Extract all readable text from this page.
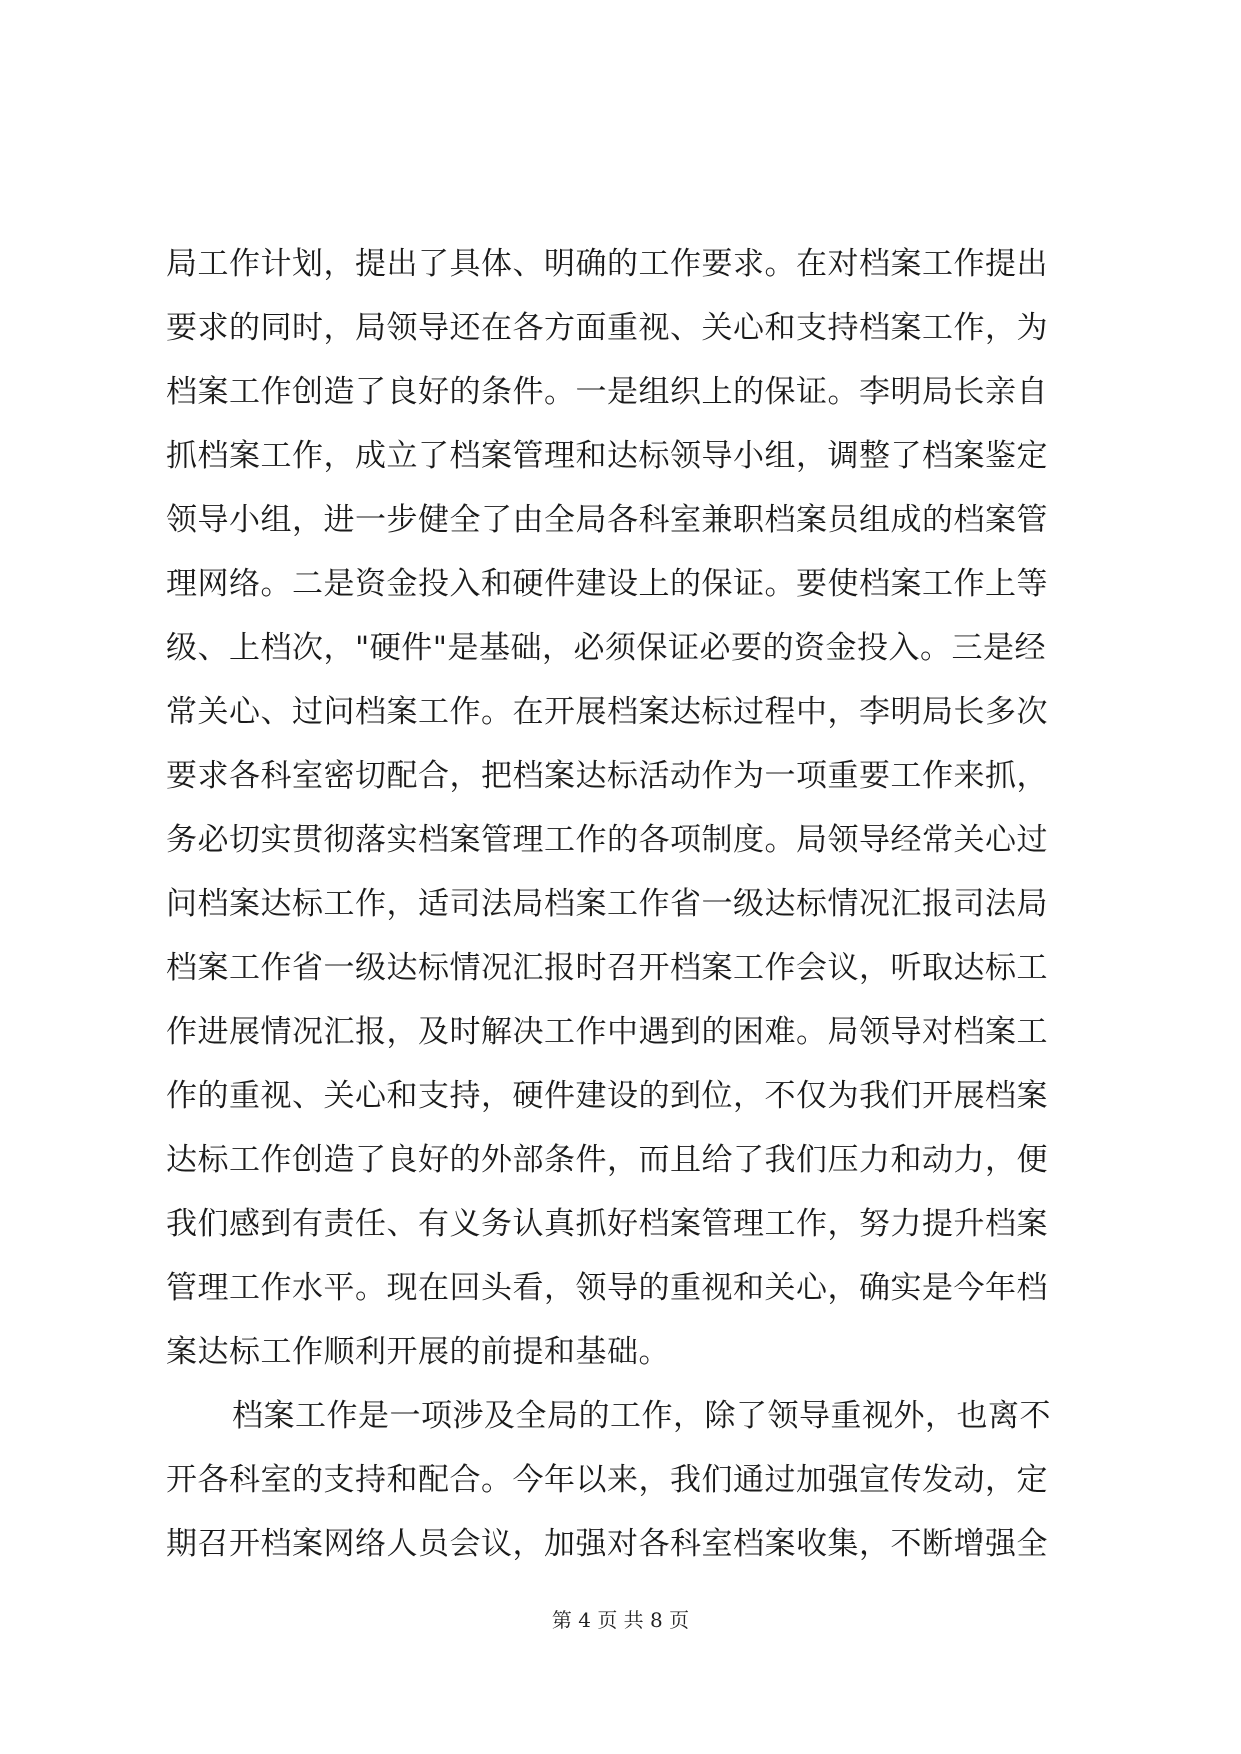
局工作计划，提出了具体、明确的工作要求。在对档案工作提出
要求的同时，局领导还在各方面重视、关心和支持档案工作，为
档案工作创造了良好的条件。一是组织上的保证。李明局长亲自
抓档案工作，成立了档案管理和达标领导小组，调整了档案鉴定
领导小组，进一步健全了由全局各科室兼职档案员组成的档案管
理网络。二是资金投入和硬件建设上的保证。要使档案工作上等
级、上档次，"硬件"是基础，必须保证必要的资金投入。三是经
常关心、过问档案工作。在开展档案达标过程中，李明局长多次
要求各科室密切配合，把档案达标活动作为一项重要工作来抓，
务必切实贯彻落实档案管理工作的各项制度。局领导经常关心过
问档案达标工作，适司法局档案工作省一级达标情况汇报司法局
档案工作省一级达标情况汇报时召开档案工作会议，听取达标工
作进展情况汇报，及时解决工作中遇到的困难。局领导对档案工
作的重视、关心和支持，硬件建设的到位，不仅为我们开展档案
达标工作创造了良好的外部条件，而且给了我们压力和动力，便
我们感到有责任、有义务认真抓好档案管理工作，努力提升档案
管理工作水平。现在回头看，领导的重视和关心，确实是今年档
案达标工作顺利开展的前提和基础。
档案工作是一项涉及全局的工作，除了领导重视外，也离不
开各科室的支持和配合。今年以来，我们通过加强宣传发动，定
期召开档案网络人员会议，加强对各科室档案收集，不断增强全
第 4 页 共 8 页
